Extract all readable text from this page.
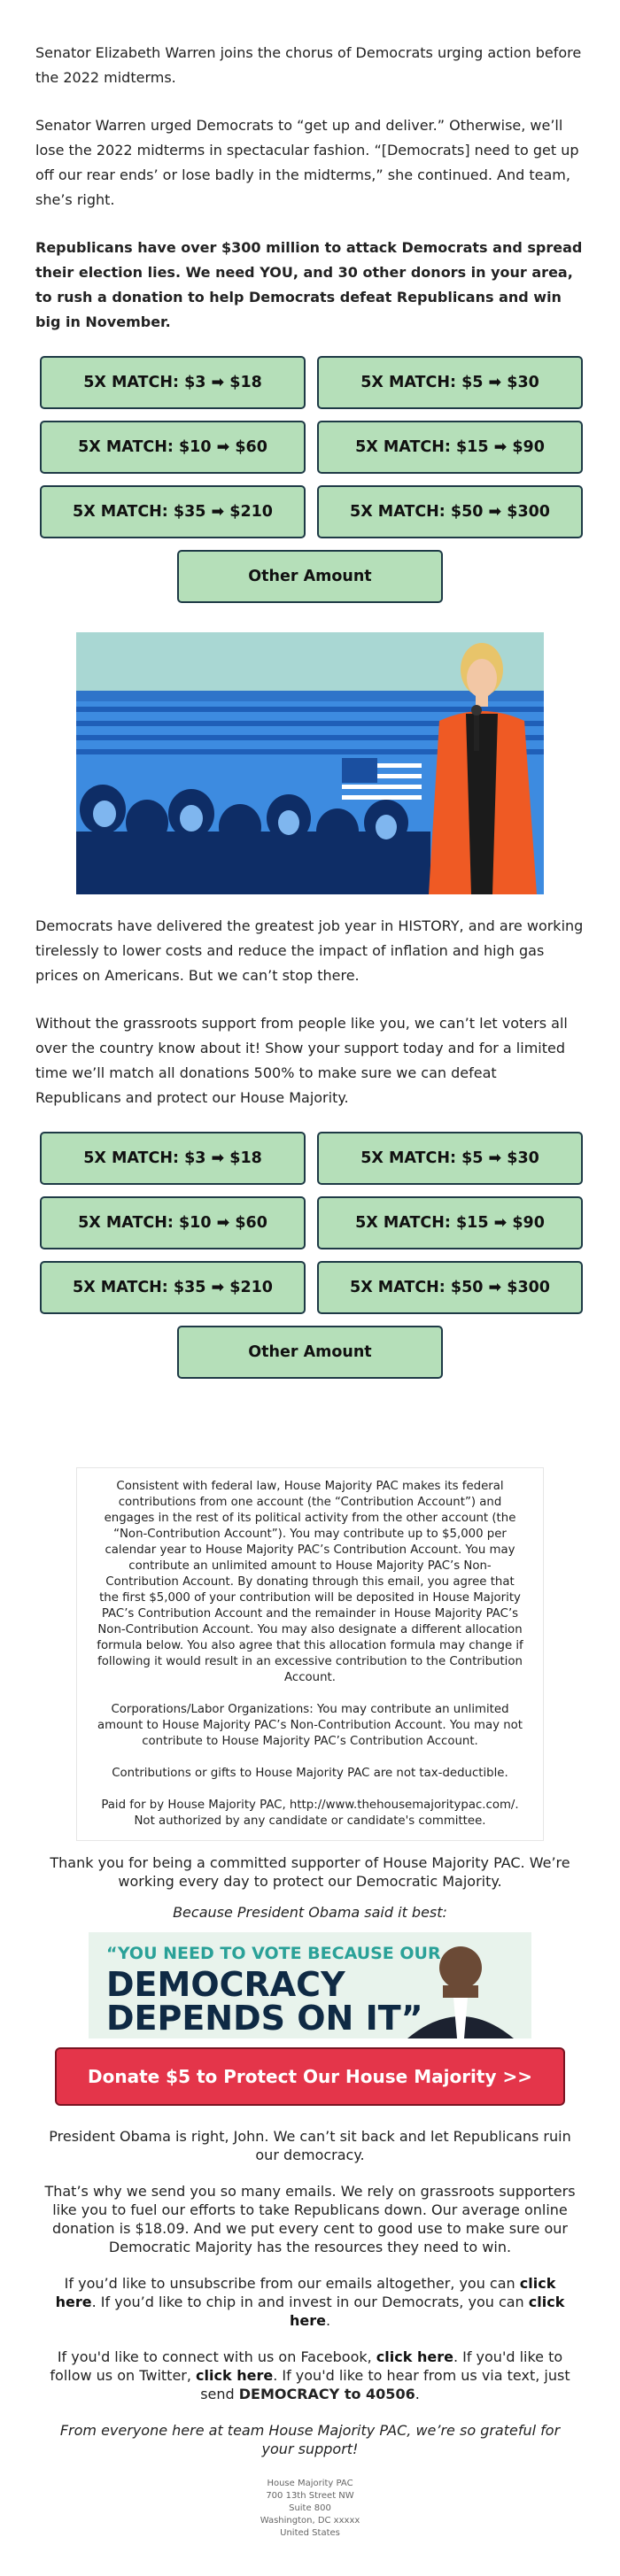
Senator Elizabeth Warren joins the chorus of Democrats urging action before the 2022 midterms.

Senator Warren urged Democrats to “get up and deliver.” Otherwise, we’ll lose the 2022 midterms in spectacular fashion. “[Democrats] need to get up off our rear ends’ or lose badly in the midterms,” she continued. And team, she’s right.

Republicans have over $300 million to attack Democrats and spread their election lies. We need YOU, and 30 other donors in your area, to rush a donation to help Democrats defeat Republicans and win big in November.

5X MATCH: $3 ➡ $18	5X MATCH: $5 ➡ $30
5X MATCH: $10 ➡ $60	5X MATCH: $15 ➡ $90
5X MATCH: $35 ➡ $210	5X MATCH: $50 ➡ $300
Other Amount

Democrats have delivered the greatest job year in HISTORY, and are working tirelessly to lower costs and reduce the impact of inflation and high gas prices on Americans. But we can’t stop there.

Without the grassroots support from people like you, we can’t let voters all over the country know about it! Show your support today and for a limited time we’ll match all donations 500% to make sure we can defeat Republicans and protect our House Majority.

5X MATCH: $3 ➡ $18	5X MATCH: $5 ➡ $30
5X MATCH: $10 ➡ $60	5X MATCH: $15 ➡ $90
5X MATCH: $35 ➡ $210	5X MATCH: $50 ➡ $300
Other Amount

Consistent with federal law, House Majority PAC makes its federal contributions from one account (the “Contribution Account”) and engages in the rest of its political activity from the other account (the “Non-Contribution Account”). You may contribute up to $5,000 per calendar year to House Majority PAC’s Contribution Account. You may contribute an unlimited amount to House Majority PAC’s Non-Contribution Account. By donating through this email, you agree that the first $5,000 of your contribution will be deposited in House Majority PAC’s Contribution Account and the remainder in House Majority PAC’s Non-Contribution Account. You may also designate a different allocation formula below. You also agree that this allocation formula may change if following it would result in an excessive contribution to the Contribution Account.

Corporations/Labor Organizations: You may contribute an unlimited amount to House Majority PAC’s Non-Contribution Account. You may not contribute to House Majority PAC’s Contribution Account.

Contributions or gifts to House Majority PAC are not tax-deductible.

Paid for by House Majority PAC, http://www.thehousemajoritypac.com/. Not authorized by any candidate or candidate's committee.

Thank you for being a committed supporter of House Majority PAC. We’re working every day to protect our Democratic Majority.

Because President Obama said it best:

“YOU NEED TO VOTE BECAUSE OUR
DEMOCRACY
DEPENDS ON IT”
Donate $5 to Protect Our House Majority >>

President Obama is right, John. We can’t sit back and let Republicans ruin our democracy.

That’s why we send you so many emails. We rely on grassroots supporters like you to fuel our efforts to take Republicans down. Our average online donation is $18.09. And we put every cent to good use to make sure our Democratic Majority has the resources they need to win.

If you’d like to unsubscribe from our emails altogether, you can click here. If you’d like to chip in and invest in our Democrats, you can click here.

If you'd like to connect with us on Facebook, click here. If you'd like to follow us on Twitter, click here. If you'd like to hear from us via text, just send DEMOCRACY to 40506.

From everyone here at team House Majority PAC, we’re so grateful for your support!

House Majority PAC
700 13th Street NW
Suite 800
Washington, DC xxxxx
United States
